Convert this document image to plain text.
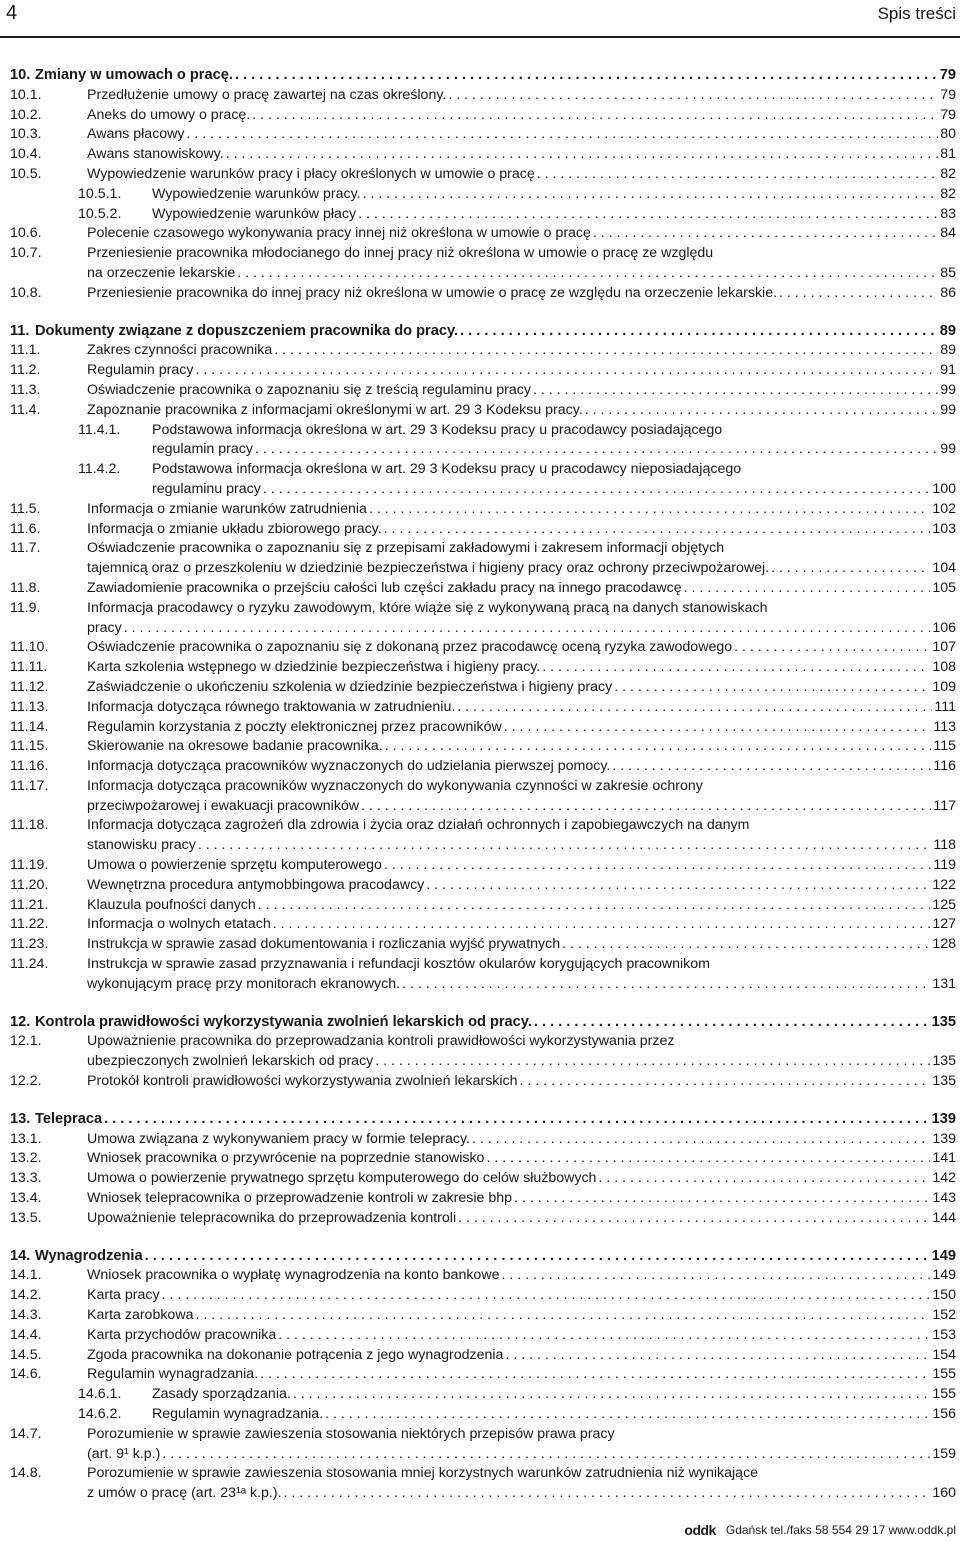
4	Spis treści
10. Zmiany w umowach o pracę. . . .	79
10.1.	Przedłużenie umowy o pracę zawartej na czas określony. . . .	79
10.2.	Aneks do umowy o pracę. . . .	79
10.3.	Awans płacowy . . .	80
10.4.	Awans stanowiskowy. . . .	81
10.5.	Wypowiedzenie warunków pracy i płacy określonych w umowie o pracę . . .	82
10.5.1.	Wypowiedzenie warunków pracy. . . .	82
10.5.2.	Wypowiedzenie warunków płacy . . .	83
10.6.	Polecenie czasowego wykonywania pracy innej niż określona w umowie o pracę . . .	84
10.7.	Przeniesienie pracownika młodocianego do innej pracy niż określona w umowie o pracę ze względu
na orzeczenie lekarskie . . .	85
10.8.	Przeniesienie pracownika do innej pracy niż określona w umowie o pracę ze względu na orzeczenie lekarskie. . . .	86
11. Dokumenty związane z dopuszczeniem pracownika do pracy. . . .	89
11.1.	Zakres czynności pracownika . . .	89
11.2.	Regulamin pracy . . .	91
11.3.	Oświadczenie pracownika o zapoznaniu się z treścią regulaminu pracy . . .	99
11.4.	Zapoznanie pracownika z informacjami określonymi w art. 29 3 Kodeksu pracy. . . .	99
11.4.1.	Podstawowa informacja określona w art. 29 3 Kodeksu pracy u pracodawcy posiadającego
regulamin pracy . . .	99
11.4.2.	Podstawowa informacja określona w art. 29 3 Kodeksu pracy u pracodawcy nieposiadającego
regulaminu pracy . . .	100
11.5.	Informacja o zmianie warunków zatrudnienia . . .	102
11.6.	Informacja o zmianie układu zbiorowego pracy. . . .	103
11.7.	Oświadczenie pracownika o zapoznaniu się z przepisami zakładowymi i zakresem informacji objętych
tajemnicą oraz o przeszkoleniu w dziedzinie bezpieczeństwa i higieny pracy oraz ochrony przeciwpożarowej. . . .	104
11.8.	Zawiadomienie pracownika o przejściu całości lub części zakładu pracy na innego pracodawcę . . .	105
11.9.	Informacja pracodawcy o ryzyku zawodowym, które wiąże się z wykonywaną pracą na danych stanowiskach
pracy . . .	106
11.10.	Oświadczenie pracownika o zapoznaniu się z dokonaną przez pracodawcę oceną ryzyka zawodowego . . .	107
11.11.	Karta szkolenia wstępnego w dziedzinie bezpieczeństwa i higieny pracy. . . .	108
11.12.	Zaświadczenie o ukończeniu szkolenia w dziedzinie bezpieczeństwa i higieny pracy . . .	109
11.13.	Informacja dotycząca równego traktowania w zatrudnieniu. . . .	111
11.14.	Regulamin korzystania z poczty elektronicznej przez pracowników . . .	113
11.15.	Skierowanie na okresowe badanie pracownika. . . .	115
11.16.	Informacja dotycząca pracowników wyznaczonych do udzielania pierwszej pomocy. . . .	116
11.17.	Informacja dotycząca pracowników wyznaczonych do wykonywania czynności w zakresie ochrony
przeciwpożarowej i ewakuacji pracowników . . .	117
11.18.	Informacja dotycząca zagrożeń dla zdrowia i życia oraz działań ochronnych i zapobiegawczych na danym
stanowisku pracy . . .	118
11.19.	Umowa o powierzenie sprzętu komputerowego . . .	119
11.20.	Wewnętrzna procedura antymobbingowa pracodawcy . . .	122
11.21.	Klauzula poufności danych . . .	125
11.22.	Informacja o wolnych etatach . . .	127
11.23.	Instrukcja w sprawie zasad dokumentowania i rozliczania wyjść prywatnych . . .	128
11.24.	Instrukcja w sprawie zasad przyznawania i refundacji kosztów okularów korygujących pracownikom
wykonującym pracę przy monitorach ekranowych. . . .	131
12. Kontrola prawidłowości wykorzystywania zwolnień lekarskich od pracy. . . .	135
12.1.	Upoważnienie pracownika do przeprowadzania kontroli prawidłowości wykorzystywania przez
ubezpieczonych zwolnień lekarskich od pracy . . .	135
12.2.	Protokół kontroli prawidłowości wykorzystywania zwolnień lekarskich . . .	135
13. Telepraca . . .	139
13.1.	Umowa związana z wykonywaniem pracy w formie telepracy. . . .	139
13.2.	Wniosek pracownika o przywrócenie na poprzednie stanowisko . . .	141
13.3.	Umowa o powierzenie prywatnego sprzętu komputerowego do celów służbowych . . .	142
13.4.	Wniosek telepracownika o przeprowadzenie kontroli w zakresie bhp . . .	143
13.5.	Upoważnienie telepracownika do przeprowadzenia kontroli . . .	144
14. Wynagrodzenia . . .	149
14.1.	Wniosek pracownika o wypłatę wynagrodzenia na konto bankowe . . .	149
14.2.	Karta pracy . . .	150
14.3.	Karta zarobkowa . . .	152
14.4.	Karta przychodów pracownika . . .	153
14.5.	Zgoda pracownika na dokonanie potrącenia z jego wynagrodzenia . . .	154
14.6.	Regulamin wynagradzania. . . .	155
14.6.1.	Zasady sporządzania. . . .	155
14.6.2.	Regulamin wynagradzania. . . .	156
14.7.	Porozumienie w sprawie zawieszenia stosowania niektórych przepisów prawa pracy
(art. 9¹ k.p.) . . .	159
14.8.	Porozumienie w sprawie zawieszenia stosowania mniej korzystnych warunków zatrudnienia niż wynikające
z umów o pracę (art. 23¹ᵃ k.p.). . . .	160
oddk Gdańsk tel./faks 58 554 29 17 www.oddk.pl
